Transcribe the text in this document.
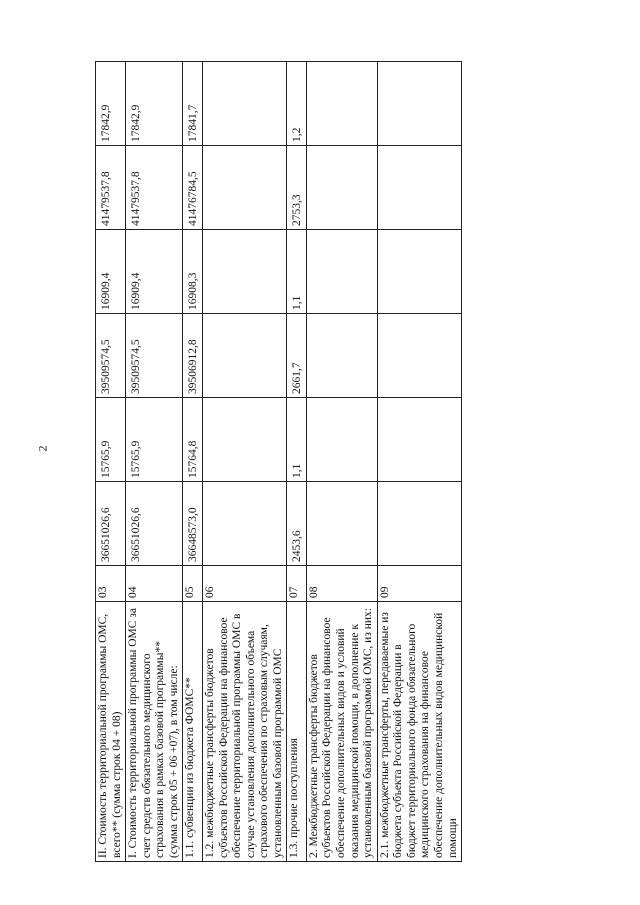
2
II. Стоимость территориальной программы ОМС, всего** (сумма строк 04 + 08)	03	36651026,6	15765,9	39509574,5	16909,4	41479537,8	17842,9
I. Стоимость территориальной программы ОМС за счет средств обязательного медицинского страхования в рамках базовой программы** (сумма строк 05 + 06 +07), в том числе:	04	36651026,6	15765,9	39509574,5	16909,4	41479537,8	17842,9
1.1. субвенции из бюджета ФОМС**	05	36648573,0	15764,8	39506912,8	16908,3	41476784,5	17841,7
1.2. межбюджетные трансферты бюджетов субъектов Российской Федерации на финансовое обеспечение территориальной программы ОМС в случае установления дополнительного объема страхового обеспечения по страховым случаям, установленным базовой программой ОМС	06						
1.3. прочие поступления	07	2453,6	1,1	2661,7	1,1	2753,3	1,2
2. Межбюджетные трансферты бюджетов субъектов Российской Федерации на финансовое обеспечение дополнительных видов и условий оказания медицинской помощи, в дополнение к установленным базовой программой ОМС, из них:	08						
2.1. межбюджетные трансферты, передаваемые из бюджета субъекта Российской Федерации в бюджет территориального фонда обязательного медицинского страхования на финансовое обеспечение дополнительных видов медицинской помощи	09						
